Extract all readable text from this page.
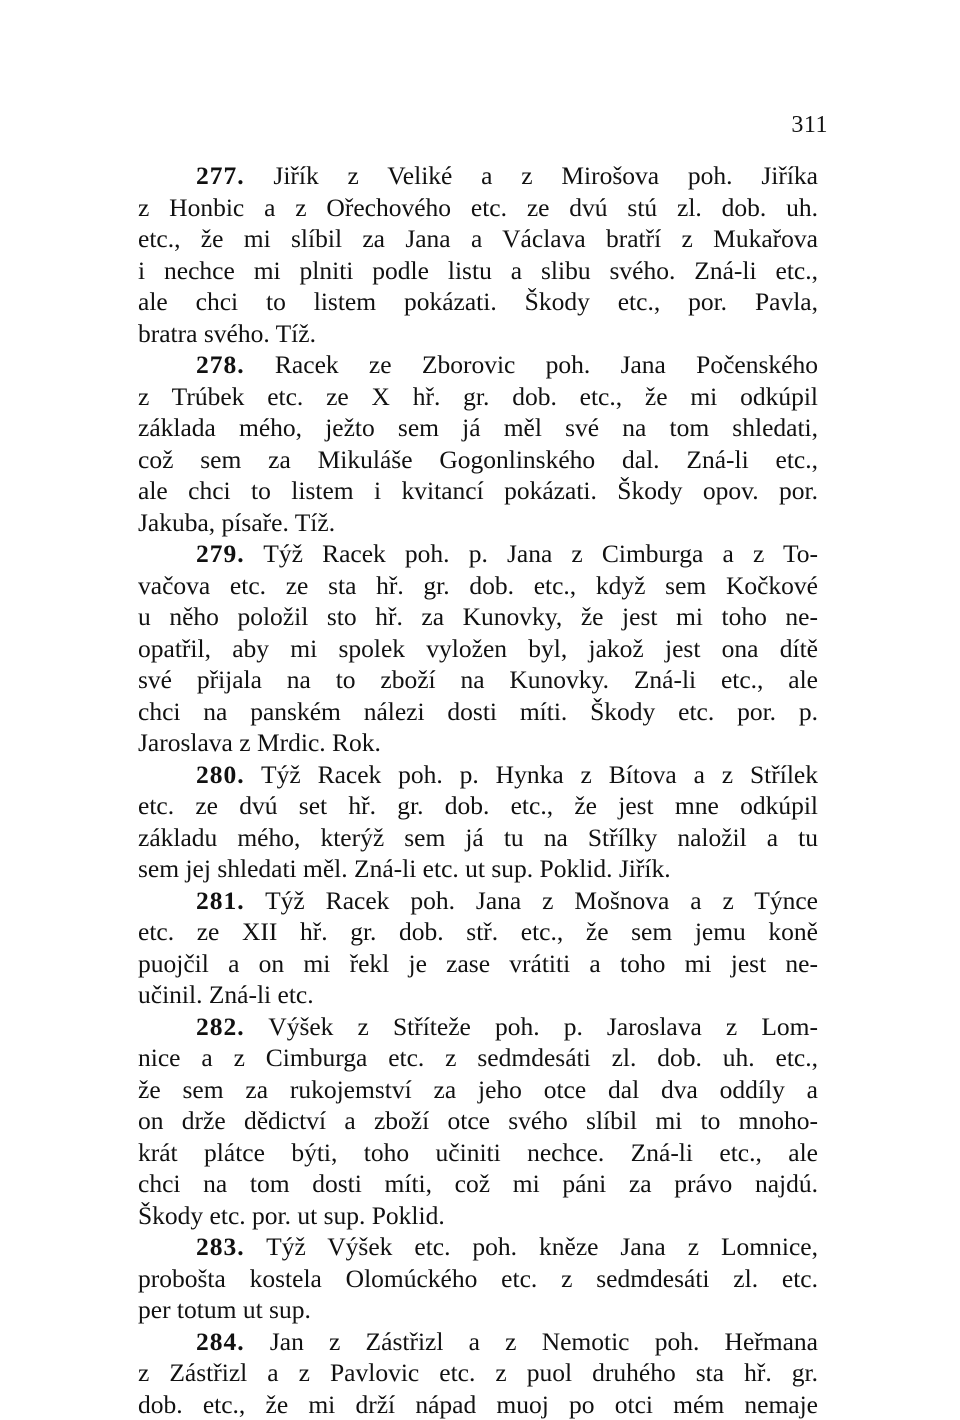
311
277. Jiřík z Veliké a z Mirošova poh. Jiříka
z Honbic a z Ořechového etc. ze dvú stú zl. dob. uh.
etc., že mi slíbil za Jana a Václava bratří z Mukařova
i nechce mi plniti podle listu a slibu svého. Zná-li etc.,
ale chci to listem pokázati. Škody etc., por. Pavla,
bratra svého. Tíž.
278. Racek ze Zborovic poh. Jana Počenského
z Trúbek etc. ze X hř. gr. dob. etc., že mi odkúpil
základa mého, ježto sem já měl své na tom shledati,
což sem za Mikuláše Gogonlinského dal. Zná-li etc.,
ale chci to listem i kvitancí pokázati. Škody opov. por.
Jakuba, písaře. Tíž.
279. Týž Racek poh. p. Jana z Cimburga a z To-
vačova etc. ze sta hř. gr. dob. etc., když sem Kočkové
u něho položil sto hř. za Kunovky, že jest mi toho ne-
opatřil, aby mi spolek vyložen byl, jakož jest ona dítě
své přijala na to zboží na Kunovky. Zná-li etc., ale
chci na panském nálezi dosti míti. Škody etc. por. p.
Jaroslava z Mrdic. Rok.
280. Týž Racek poh. p. Hynka z Bítova a z Střílek
etc. ze dvú set hř. gr. dob. etc., že jest mne odkúpil
základu mého, kterýž sem já tu na Střílky naložil a tu
sem jej shledati měl. Zná-li etc. ut sup. Poklid. Jiřík.
281. Týž Racek poh. Jana z Mošnova a z Týnce
etc. ze XII hř. gr. dob. stř. etc., že sem jemu koně
puojčil a on mi řekl je zase vrátiti a toho mi jest ne-
učinil. Zná-li etc.
282. Výšek z Stříteže poh. p. Jaroslava z Lom-
nice a z Cimburga etc. z sedmdesáti zl. dob. uh. etc.,
že sem za rukojemství za jeho otce dal dva oddíly a
on drže dědictví a zboží otce svého slíbil mi to mnoho-
krát plátce býti, toho učiniti nechce. Zná-li etc., ale
chci na tom dosti míti, což mi páni za právo najdú.
Škody etc. por. ut sup. Poklid.
283. Týž Výšek etc. poh. kněze Jana z Lomnice,
probošta kostela Olomúckého etc. z sedmdesáti zl. etc.
per totum ut sup.
284. Jan z Zástřizl a z Nemotic poh. Heřmana
z Zástřizl a z Pavlovic etc. z puol druhého sta hř. gr.
dob. etc., že mi drží nápad muoj po otci mém nemaje
